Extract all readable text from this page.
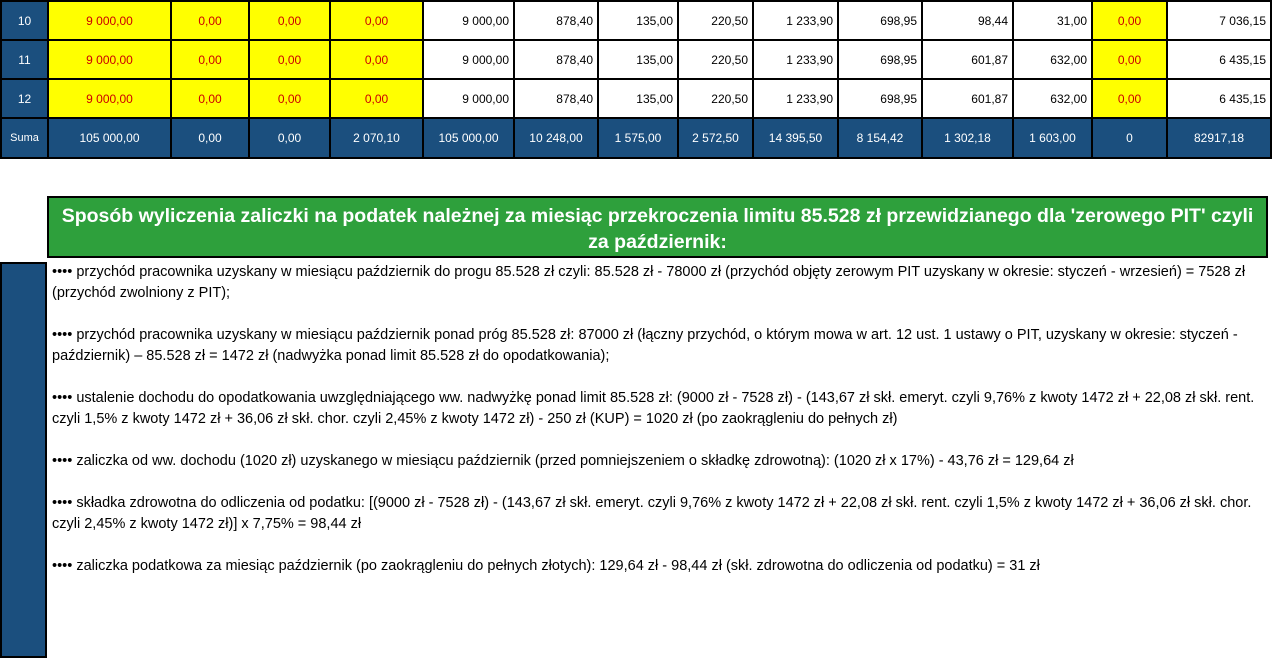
10	9 000,00	0,00	0,00	0,00	9 000,00	878,40	135,00	220,50	1 233,90	698,95	98,44	31,00	0,00	7 036,15
11	9 000,00	0,00	0,00	0,00	9 000,00	878,40	135,00	220,50	1 233,90	698,95	601,87	632,00	0,00	6 435,15
12	9 000,00	0,00	0,00	0,00	9 000,00	878,40	135,00	220,50	1 233,90	698,95	601,87	632,00	0,00	6 435,15
Suma	105 000,00	0,00	0,00	2 070,10	105 000,00	10 248,00	1 575,00	2 572,50	14 395,50	8 154,42	1 302,18	1 603,00	0	82917,18
Sposób wyliczenia zaliczki na podatek należnej za miesiąc przekroczenia limitu 85.528 zł przewidzianego dla 'zerowego PIT' czyli za październik:

•••• przychód pracownika uzyskany w miesiącu październik do progu 85.528 zł czyli: 85.528 zł - 78000 zł (przychód objęty zerowym PIT uzyskany w okresie: styczeń - wrzesień) = 7528 zł (przychód zwolniony z PIT);

•••• przychód pracownika uzyskany w miesiącu październik ponad próg 85.528 zł: 87000 zł (łączny przychód, o którym mowa w art. 12 ust. 1 ustawy o PIT, uzyskany w okresie: styczeń - październik) – 85.528 zł = 1472 zł (nadwyżka ponad limit 85.528 zł do opodatkowania);

•••• ustalenie dochodu do opodatkowania uwzględniającego ww. nadwyżkę ponad limit 85.528 zł: (9000 zł - 7528 zł) - (143,67 zł skł. emeryt. czyli 9,76% z kwoty 1472 zł + 22,08 zł skł. rent. czyli 1,5% z kwoty 1472 zł + 36,06 zł skł. chor. czyli 2,45% z kwoty 1472 zł) - 250 zł (KUP) = 1020 zł (po zaokrągleniu do pełnych zł)

•••• zaliczka od ww. dochodu (1020 zł) uzyskanego w miesiącu październik (przed pomniejszeniem o składkę zdrowotną): (1020 zł x 17%) - 43,76 zł = 129,64 zł

•••• składka zdrowotna do odliczenia od podatku: [(9000 zł - 7528 zł) - (143,67 zł skł. emeryt. czyli 9,76% z kwoty 1472 zł + 22,08 zł skł. rent. czyli 1,5% z kwoty 1472 zł + 36,06 zł skł. chor. czyli 2,45% z kwoty 1472 zł)] x 7,75% = 98,44 zł

•••• zaliczka podatkowa za miesiąc październik (po zaokrągleniu do pełnych złotych): 129,64 zł - 98,44 zł (skł. zdrowotna do odliczenia od podatku) = 31 zł
